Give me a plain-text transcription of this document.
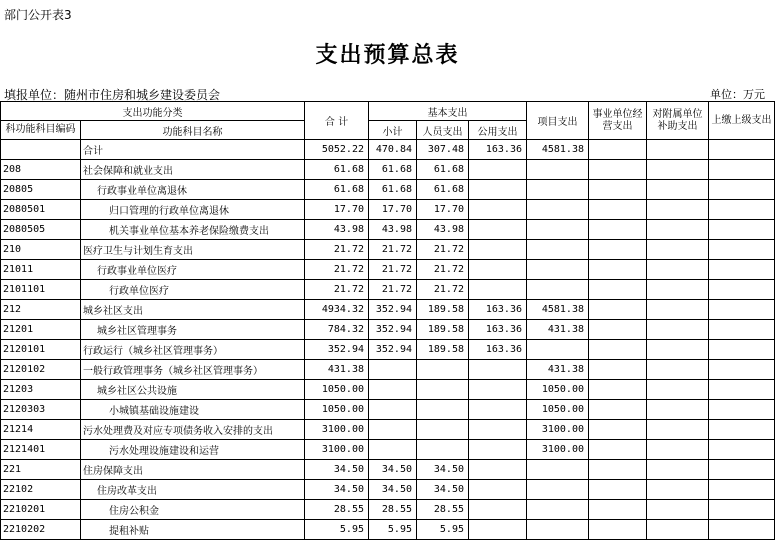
部门公开表3
支出预算总表
填报单位：随州市住房和城乡建设委员会	单位：万元
支出功能分类		合 计	基本支出			项目支出	事业单位经营支出	对附属单位补助支出	上缴上级支出
科功能科目编码	功能科目名称		小计	人员支出	公用支出				

	合计	5052.22	470.84	307.48	163.36	4581.38			
208	社会保障和就业支出	61.68	61.68	61.68					
20805	行政事业单位离退休	61.68	61.68	61.68					
2080501	归口管理的行政单位离退休	17.70	17.70	17.70					
2080505	机关事业单位基本养老保险缴费支出	43.98	43.98	43.98					
210	医疗卫生与计划生育支出	21.72	21.72	21.72					
21011	行政事业单位医疗	21.72	21.72	21.72					
2101101	行政单位医疗	21.72	21.72	21.72					
212	城乡社区支出	4934.32	352.94	189.58	163.36	4581.38			
21201	城乡社区管理事务	784.32	352.94	189.58	163.36	431.38			
2120101	行政运行（城乡社区管理事务）	352.94	352.94	189.58	163.36				
2120102	一般行政管理事务（城乡社区管理事务）	431.38				431.38			
21203	城乡社区公共设施	1050.00				1050.00			
2120303	小城镇基础设施建设	1050.00				1050.00			
21214	污水处理费及对应专项债务收入安排的支出	3100.00				3100.00			
2121401	污水处理设施建设和运营	3100.00				3100.00			
221	住房保障支出	34.50	34.50	34.50					
22102	住房改革支出	34.50	34.50	34.50					
2210201	住房公积金	28.55	28.55	28.55					
2210202	提租补贴	5.95	5.95	5.95					
